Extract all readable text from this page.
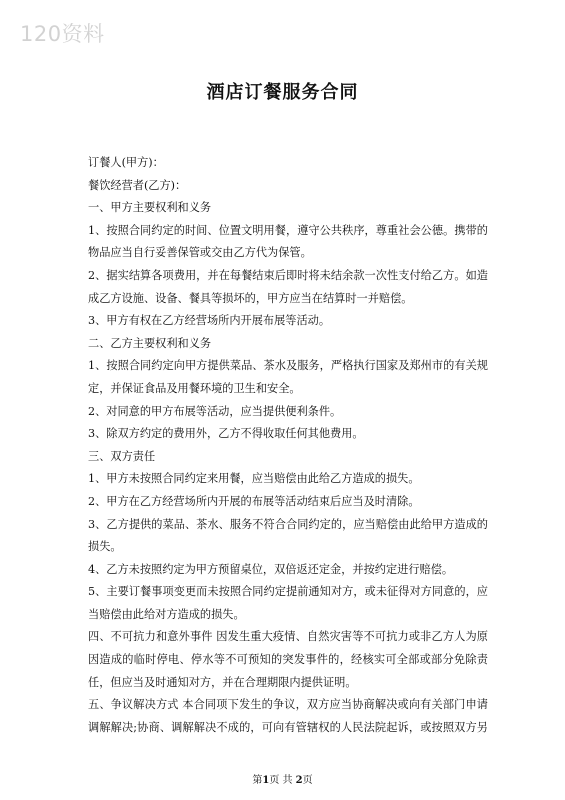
120资料
酒店订餐服务合同

订餐人(甲方)：

餐饮经营者(乙方)：

一、甲方主要权利和义务

1、按照合同约定的时间、位置文明用餐，遵守公共秩序，尊重社会公德。携带的

物品应当自行妥善保管或交由乙方代为保管。

2、据实结算各项费用，并在每餐结束后即时将未结余款一次性支付给乙方。如造

成乙方设施、设备、餐具等损坏的，甲方应当在结算时一并赔偿。

3、甲方有权在乙方经营场所内开展布展等活动。

二、乙方主要权利和义务

1、按照合同约定向甲方提供菜品、茶水及服务，严格执行国家及郑州市的有关规

定，并保证食品及用餐环境的卫生和安全。

2、对同意的甲方布展等活动，应当提供便利条件。

3、除双方约定的费用外，乙方不得收取任何其他费用。

三、双方责任

1、甲方未按照合同约定来用餐，应当赔偿由此给乙方造成的损失。

2、甲方在乙方经营场所内开展的布展等活动结束后应当及时清除。

3、乙方提供的菜品、茶水、服务不符合合同约定的，应当赔偿由此给甲方造成的

损失。

4、乙方未按照约定为甲方预留桌位，双倍返还定金，并按约定进行赔偿。

5、主要订餐事项变更而未按照合同约定提前通知对方，或未征得对方同意的，应

当赔偿由此给对方造成的损失。

四、不可抗力和意外事件 因发生重大疫情、自然灾害等不可抗力或非乙方人为原

因造成的临时停电、停水等不可预知的突发事件的，经核实可全部或部分免除责

任，但应当及时通知对方，并在合理期限内提供证明。

五、争议解决方式 本合同项下发生的争议，双方应当协商解决或向有关部门申请

调解解决;协商、调解解决不成的，可向有管辖权的人民法院起诉，或按照双方另

第1页 共 2页
